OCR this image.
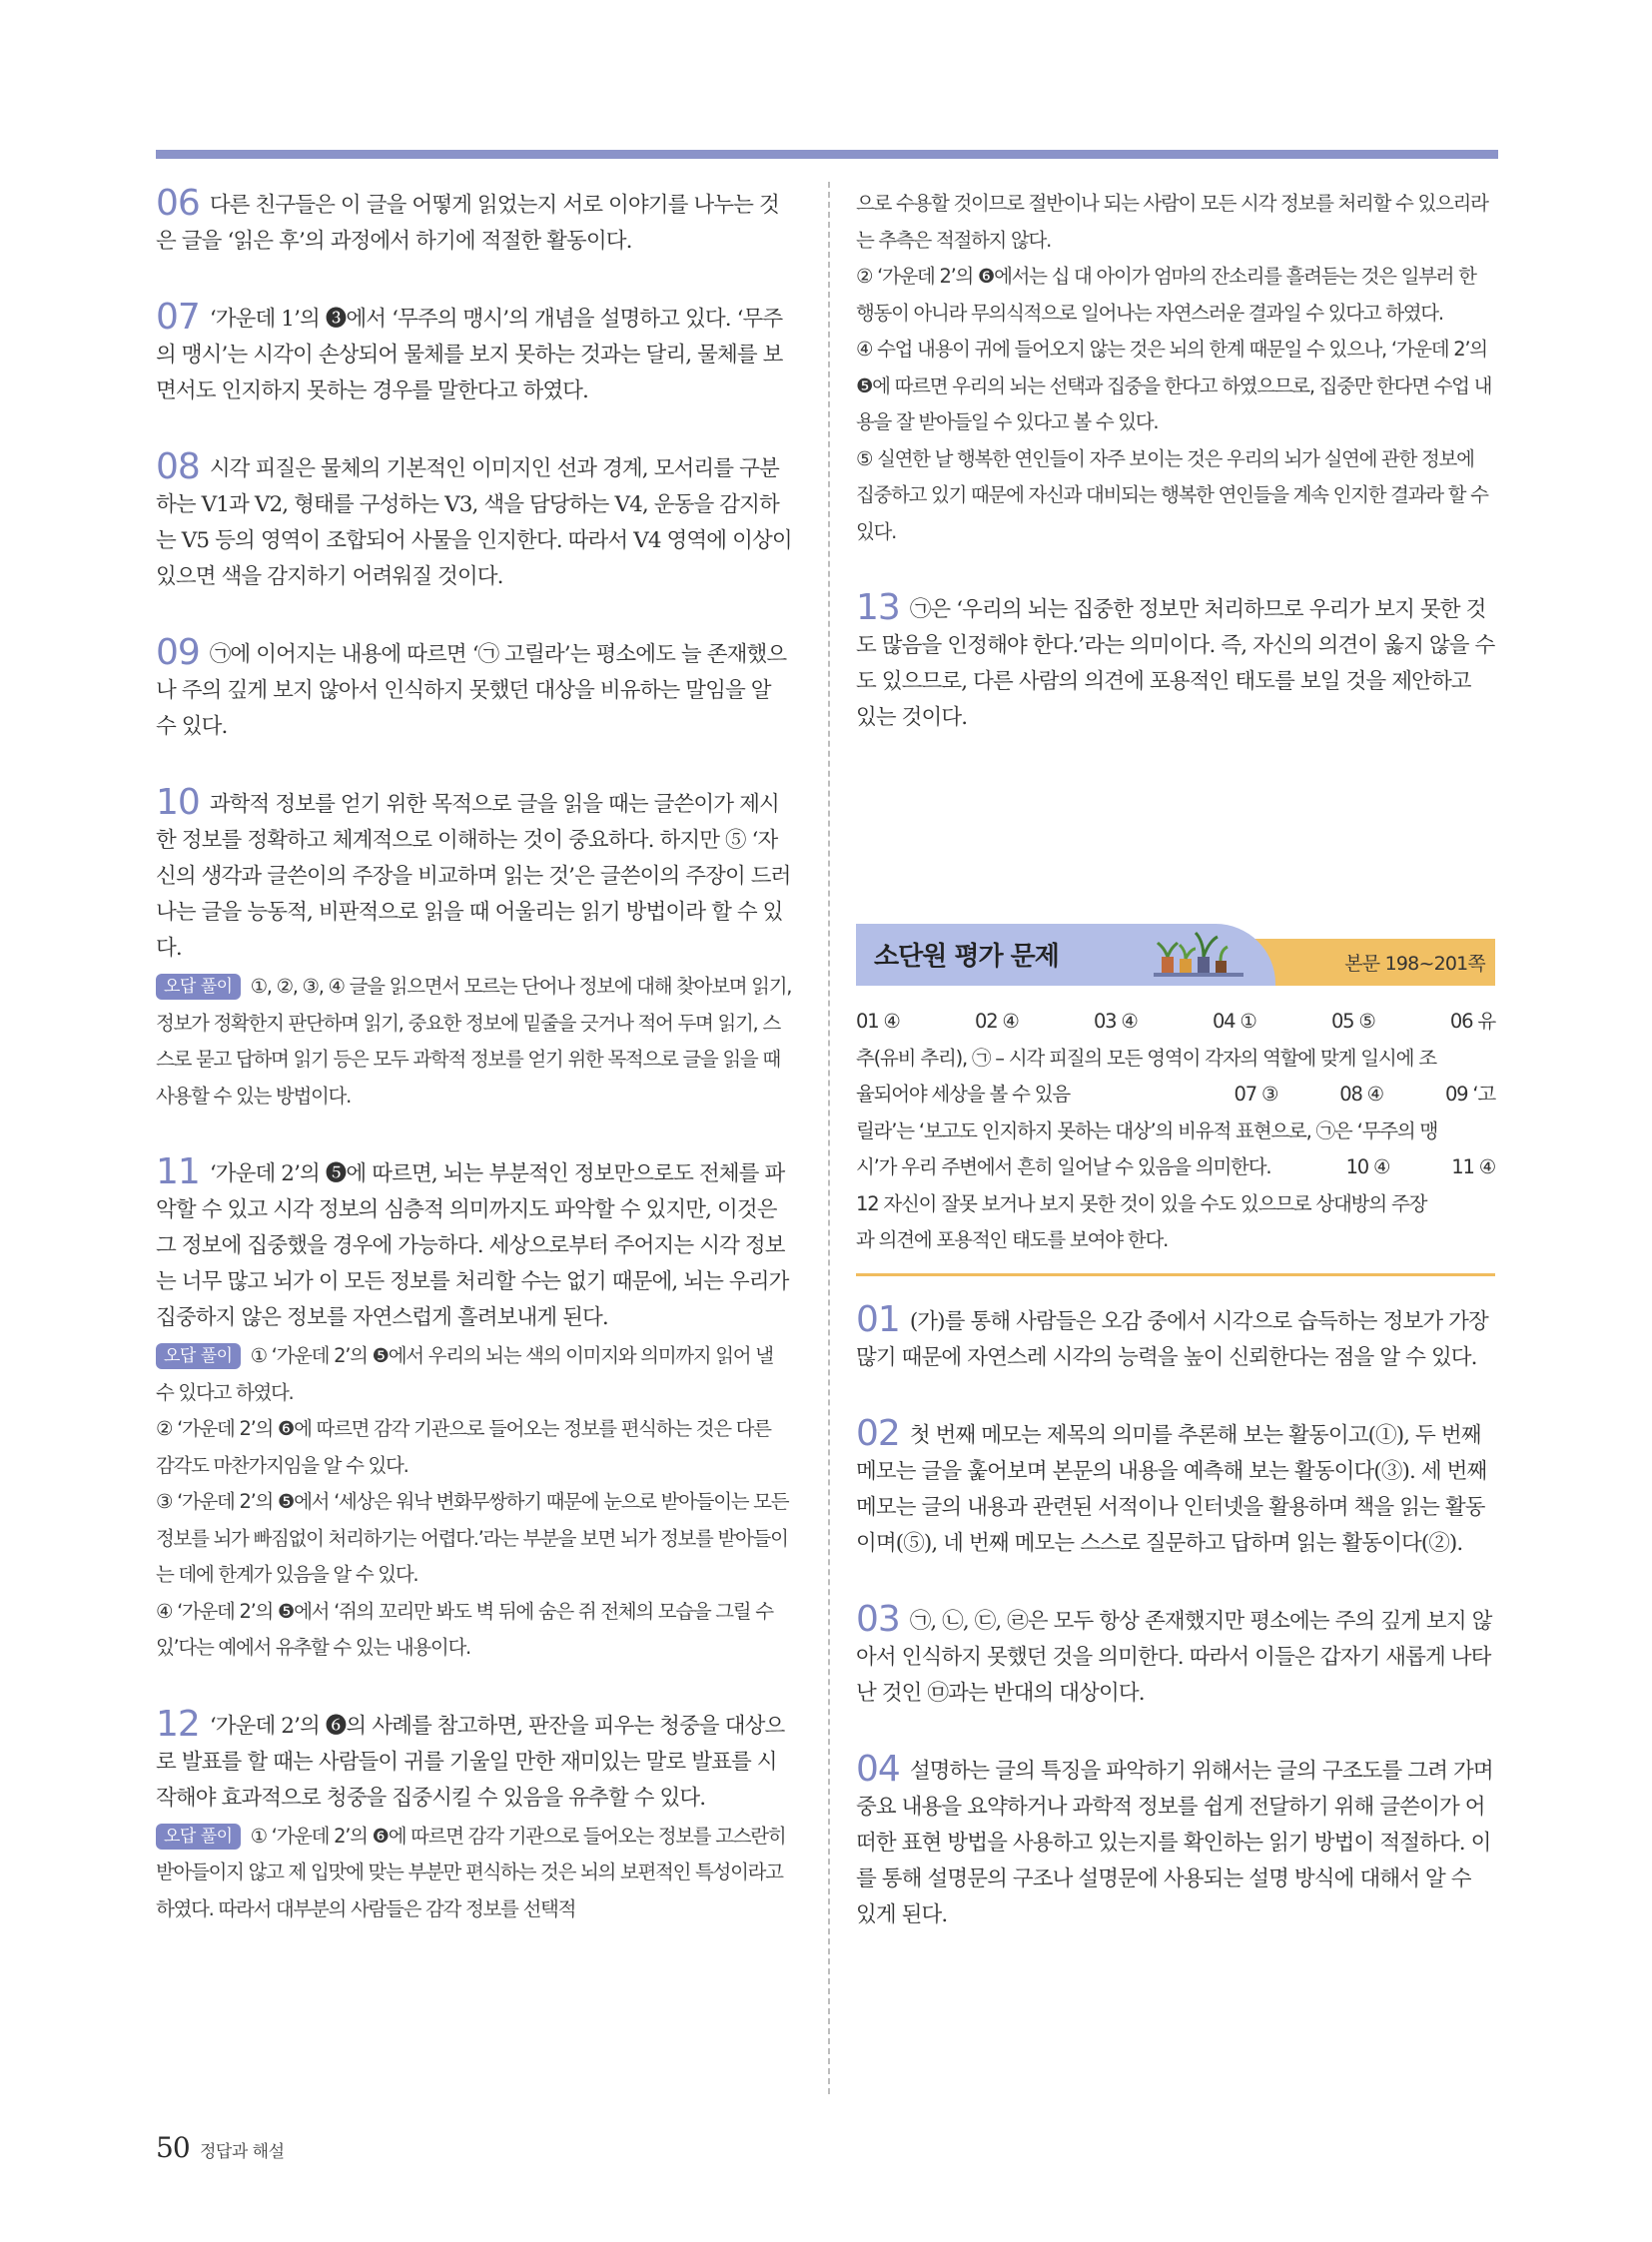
06 다른 친구들은 이 글을 어떻게 읽었는지 서로 이야기를 나누는 것은 글을 ‘읽은 후’의 과정에서 하기에 적절한 활동이다.

07 ‘가운데 1’의 ❸에서 ‘무주의 맹시’의 개념을 설명하고 있다. ‘무주의 맹시’는 시각이 손상되어 물체를 보지 못하는 것과는 달리, 물체를 보면서도 인지하지 못하는 경우를 말한다고 하였다.

08 시각 피질은 물체의 기본적인 이미지인 선과 경계, 모서리를 구분하는 V1과 V2, 형태를 구성하는 V3, 색을 담당하는 V4, 운동을 감지하는 V5 등의 영역이 조합되어 사물을 인지한다. 따라서 V4 영역에 이상이 있으면 색을 감지하기 어려워질 것이다.

09 ㉠에 이어지는 내용에 따르면 ‘㉠ 고릴라’는 평소에도 늘 존재했으나 주의 깊게 보지 않아서 인식하지 못했던 대상을 비유하는 말임을 알 수 있다.

10 과학적 정보를 얻기 위한 목적으로 글을 읽을 때는 글쓴이가 제시한 정보를 정확하고 체계적으로 이해하는 것이 중요하다. 하지만 ⑤ ‘자신의 생각과 글쓴이의 주장을 비교하며 읽는 것’은 글쓴이의 주장이 드러나는 글을 능동적, 비판적으로 읽을 때 어울리는 읽기 방법이라 할 수 있다.

오답 풀이 ①, ②, ③, ④ 글을 읽으면서 모르는 단어나 정보에 대해 찾아보며 읽기, 정보가 정확한지 판단하며 읽기, 중요한 정보에 밑줄을 긋거나 적어 두며 읽기, 스스로 묻고 답하며 읽기 등은 모두 과학적 정보를 얻기 위한 목적으로 글을 읽을 때 사용할 수 있는 방법이다.

11 ‘가운데 2’의 ❺에 따르면, 뇌는 부분적인 정보만으로도 전체를 파악할 수 있고 시각 정보의 심층적 의미까지도 파악할 수 있지만, 이것은 그 정보에 집중했을 경우에 가능하다. 세상으로부터 주어지는 시각 정보는 너무 많고 뇌가 이 모든 정보를 처리할 수는 없기 때문에, 뇌는 우리가 집중하지 않은 정보를 자연스럽게 흘려보내게 된다.

오답 풀이 ① ‘가운데 2’의 ❺에서 우리의 뇌는 색의 이미지와 의미까지 읽어 낼 수 있다고 하였다.

② ‘가운데 2’의 ❻에 따르면 감각 기관으로 들어오는 정보를 편식하는 것은 다른 감각도 마찬가지임을 알 수 있다.

③ ‘가운데 2’의 ❺에서 ‘세상은 워낙 변화무쌍하기 때문에 눈으로 받아들이는 모든 정보를 뇌가 빠짐없이 처리하기는 어렵다.’라는 부분을 보면 뇌가 정보를 받아들이는 데에 한계가 있음을 알 수 있다.

④ ‘가운데 2’의 ❺에서 ‘쥐의 꼬리만 봐도 벽 뒤에 숨은 쥐 전체의 모습을 그릴 수 있’다는 예에서 유추할 수 있는 내용이다.

12 ‘가운데 2’의 ❻의 사례를 참고하면, 판잔을 피우는 청중을 대상으로 발표를 할 때는 사람들이 귀를 기울일 만한 재미있는 말로 발표를 시작해야 효과적으로 청중을 집중시킬 수 있음을 유추할 수 있다.

오답 풀이 ① ‘가운데 2’의 ❻에 따르면 감각 기관으로 들어오는 정보를 고스란히 받아들이지 않고 제 입맛에 맞는 부분만 편식하는 것은 뇌의 보편적인 특성이라고 하였다. 따라서 대부분의 사람들은 감각 정보를 선택적

으로 수용할 것이므로 절반이나 되는 사람이 모든 시각 정보를 처리할 수 있으리라는 추측은 적절하지 않다.

② ‘가운데 2’의 ❻에서는 십 대 아이가 엄마의 잔소리를 흘려듣는 것은 일부러 한 행동이 아니라 무의식적으로 일어나는 자연스러운 결과일 수 있다고 하였다.

④ 수업 내용이 귀에 들어오지 않는 것은 뇌의 한계 때문일 수 있으나, ‘가운데 2’의 ❺에 따르면 우리의 뇌는 선택과 집중을 한다고 하였으므로, 집중만 한다면 수업 내용을 잘 받아들일 수 있다고 볼 수 있다.

⑤ 실연한 날 행복한 연인들이 자주 보이는 것은 우리의 뇌가 실연에 관한 정보에 집중하고 있기 때문에 자신과 대비되는 행복한 연인들을 계속 인지한 결과라 할 수 있다.

13 ㉠은 ‘우리의 뇌는 집중한 정보만 처리하므로 우리가 보지 못한 것도 많음을 인정해야 한다.’라는 의미이다. 즉, 자신의 의견이 옳지 않을 수도 있으므로, 다른 사람의 의견에 포용적인 태도를 보일 것을 제안하고 있는 것이다.

소단원 평가 문제	본문 198~201쪽
01 ④	02 ④	03 ④	04 ①	05 ⑤	06 유
추(유비 추리), ㉠ – 시각 피질의 모든 영역이 각자의 역할에 맞게 일시에 조
율되어야 세상을 볼 수 있음	07 ③	08 ④	09 ‘고
릴라’는 ‘보고도 인지하지 못하는 대상’의 비유적 표현으로, ㉠은 ‘무주의 맹
시’가 우리 주변에서 흔히 일어날 수 있음을 의미한다.	10 ④	11 ④
12 자신이 잘못 보거나 보지 못한 것이 있을 수도 있으므로 상대방의 주장
과 의견에 포용적인 태도를 보여야 한다.

01 (가)를 통해 사람들은 오감 중에서 시각으로 습득하는 정보가 가장 많기 때문에 자연스레 시각의 능력을 높이 신뢰한다는 점을 알 수 있다.

02 첫 번째 메모는 제목의 의미를 추론해 보는 활동이고(①), 두 번째 메모는 글을 훑어보며 본문의 내용을 예측해 보는 활동이다(③). 세 번째 메모는 글의 내용과 관련된 서적이나 인터넷을 활용하며 책을 읽는 활동이며(⑤), 네 번째 메모는 스스로 질문하고 답하며 읽는 활동이다(②).

03 ㉠, ㉡, ㉢, ㉣은 모두 항상 존재했지만 평소에는 주의 깊게 보지 않아서 인식하지 못했던 것을 의미한다. 따라서 이들은 갑자기 새롭게 나타난 것인 ㉤과는 반대의 대상이다.

04 설명하는 글의 특징을 파악하기 위해서는 글의 구조도를 그려 가며 중요 내용을 요약하거나 과학적 정보를 쉽게 전달하기 위해 글쓴이가 어떠한 표현 방법을 사용하고 있는지를 확인하는 읽기 방법이 적절하다. 이를 통해 설명문의 구조나 설명문에 사용되는 설명 방식에 대해서 알 수 있게 된다.

50 정답과 해설
